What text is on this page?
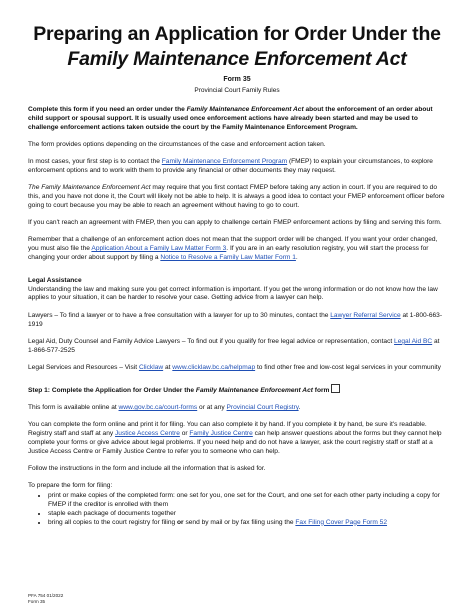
Preparing an Application for Order Under the
Family Maintenance Enforcement Act
Form 35
Provincial Court Family Rules

Complete this form if you need an order under the Family Maintenance Enforcement Act about the enforcement of an order about child support or spousal support. It is usually used once enforcement actions have already been started and may be used to challenge enforcement actions taken outside the court by the Family Maintenance Enforcement Program.

The form provides options depending on the circumstances of the case and enforcement action taken.

In most cases, your first step is to contact the Family Maintenance Enforcement Program (FMEP) to explain your circumstances, to explore enforcement options and to work with them to provide any financial or other documents they may request.

The Family Maintenance Enforcement Act may require that you first contact FMEP before taking any action in court. If you are required to do this, and you have not done it, the Court will likely not be able to help. It is always a good idea to contact your FMEP enforcement officer before going to court because you may be able to reach an agreement without having to go to court.

If you can't reach an agreement with FMEP, then you can apply to challenge certain FMEP enforcement actions by filing and serving this form.

Remember that a challenge of an enforcement action does not mean that the support order will be changed. If you want your order changed, you must also file the Application About a Family Law Matter Form 3. If you are in an early resolution registry, you will start the process for changing your order about support by filing a Notice to Resolve a Family Law Matter Form 1.

Legal Assistance

Understanding the law and making sure you get correct information is important. If you get the wrong information or do not know how the law applies to your situation, it can be harder to resolve your case. Getting advice from a lawyer can help.

Lawyers – To find a lawyer or to have a free consultation with a lawyer for up to 30 minutes, contact the Lawyer Referral Service at 1-800-663-1919

Legal Aid, Duty Counsel and Family Advice Lawyers – To find out if you qualify for free legal advice or representation, contact Legal Aid BC at 1-866-577-2525

Legal Services and Resources – Visit Clicklaw at www.clicklaw.bc.ca/helpmap to find other free and low-cost legal services in your community

Step 1: Complete the Application for Order Under the Family Maintenance Enforcement Act form

This form is available online at www.gov.bc.ca/court-forms or at any Provincial Court Registry.

You can complete the form online and print it for filing. You can also complete it by hand. If you complete it by hand, be sure it's readable. Registry staff and staff at any Justice Access Centre or Family Justice Centre can help answer questions about the forms but they cannot help complete your forms or give advice about legal problems. If you need help and do not have a lawyer, ask the court registry staff or staff at a Justice Access Centre or Family Justice Centre to refer you to someone who can help.

Follow the instructions in the form and include all the information that is asked for.

To prepare the form for filing:

• print or make copies of the completed form: one set for you, one set for the Court, and one set for each other party including a copy for FMEP if the creditor is enrolled with them
• staple each package of documents together
• bring all copies to the court registry for filing or send by mail or by fax filing using the Fax Filing Cover Page Form 52
PFA 754 01/2022
Form 35
